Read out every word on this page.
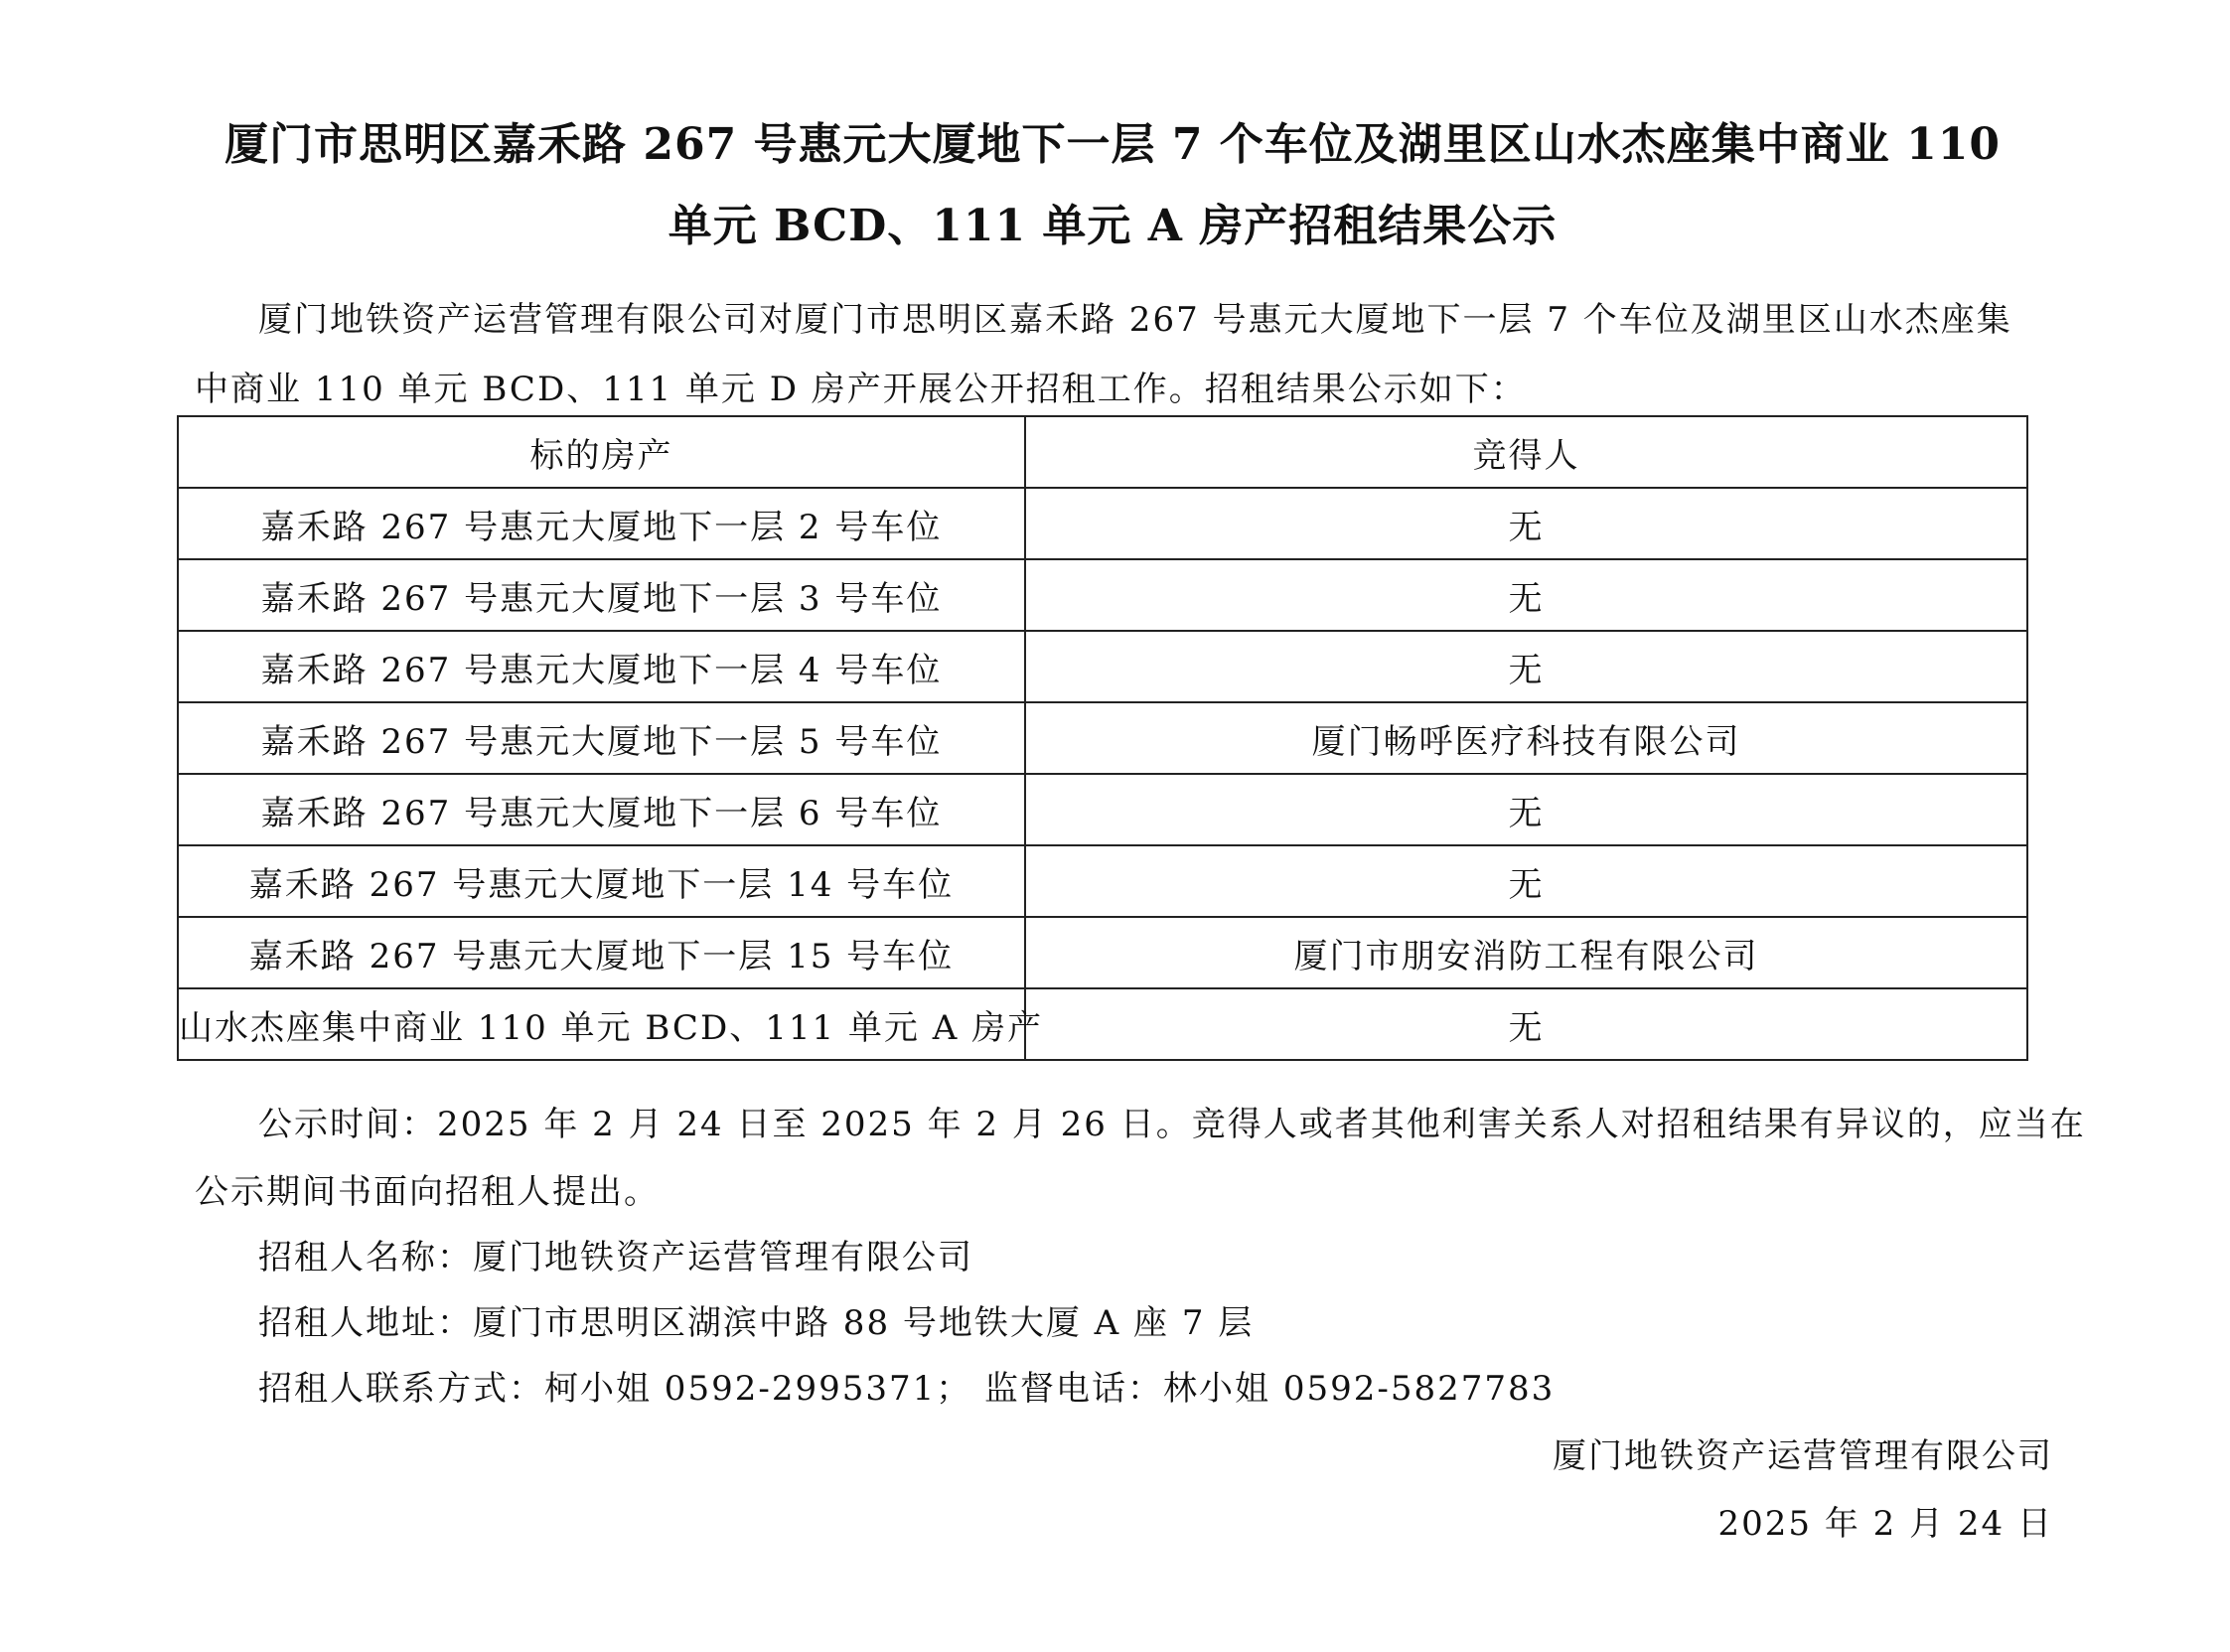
厦门市思明区嘉禾路 267 号惠元大厦地下一层 7 个车位及湖里区山水杰座集中商业 110
单元 BCD、111 单元 A 房产招租结果公示
厦门地铁资产运营管理有限公司对厦门市思明区嘉禾路 267 号惠元大厦地下一层 7 个车位及湖里区山水杰座集
中商业 110 单元 BCD、111 单元 D 房产开展公开招租工作。招租结果公示如下：
标的房产	竞得人
嘉禾路 267 号惠元大厦地下一层 2 号车位	无
嘉禾路 267 号惠元大厦地下一层 3 号车位	无
嘉禾路 267 号惠元大厦地下一层 4 号车位	无
嘉禾路 267 号惠元大厦地下一层 5 号车位	厦门畅呼医疗科技有限公司
嘉禾路 267 号惠元大厦地下一层 6 号车位	无
嘉禾路 267 号惠元大厦地下一层 14 号车位	无
嘉禾路 267 号惠元大厦地下一层 15 号车位	厦门市朋安消防工程有限公司
山水杰座集中商业 110 单元 BCD、111 单元 A 房产	无
公示时间：2025 年 2 月 24 日至 2025 年 2 月 26 日。竞得人或者其他利害关系人对招租结果有异议的，应当在
公示期间书面向招租人提出。
招租人名称：厦门地铁资产运营管理有限公司
招租人地址：厦门市思明区湖滨中路 88 号地铁大厦 A 座 7 层
招租人联系方式：柯小姐 0592-2995371； 监督电话：林小姐 0592-5827783
厦门地铁资产运营管理有限公司
2025 年 2 月 24 日
